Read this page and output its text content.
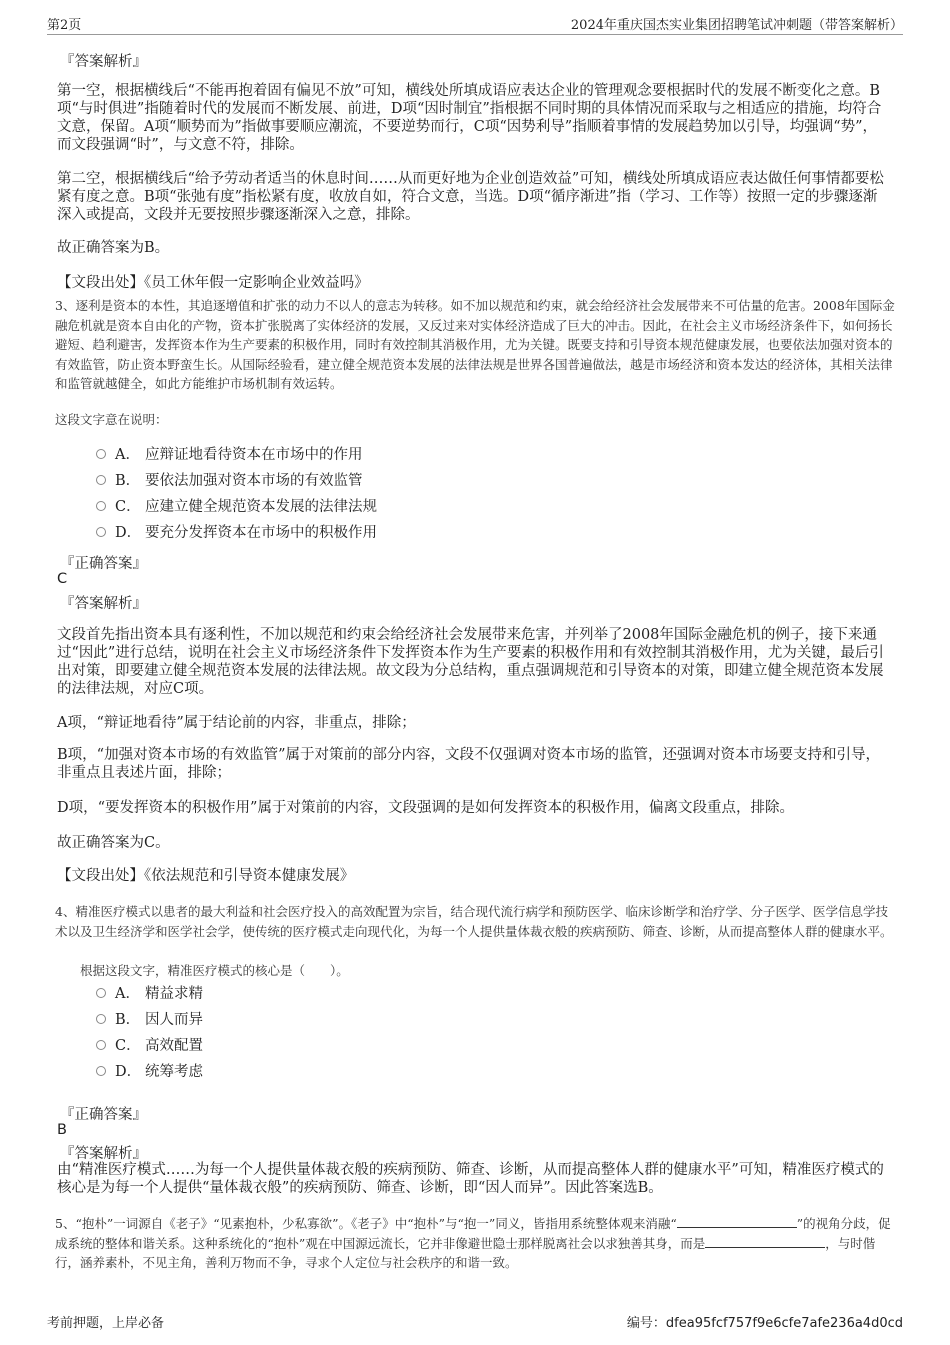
第2页	2024年重庆国杰实业集团招聘笔试冲刺题（带答案解析）
『答案解析』
第一空，根据横线后“不能再抱着固有偏见不放”可知，横线处所填成语应表达企业的管理观念要根据时代的发展不断变化之意。B项“与时俱进”指随着时代的发展而不断发展、前进，D项“因时制宜”指根据不同时期的具体情况而采取与之相适应的措施，均符合文意，保留。A项“顺势而为”指做事要顺应潮流，不要逆势而行，C项“因势利导”指顺着事情的发展趋势加以引导，均强调“势”，而文段强调“时”，与文意不符，排除。
第二空，根据横线后“给予劳动者适当的休息时间……从而更好地为企业创造效益”可知，横线处所填成语应表达做任何事情都要松紧有度之意。B项“张弛有度”指松紧有度，收放自如，符合文意，当选。D项“循序渐进”指（学习、工作等）按照一定的步骤逐渐深入或提高，文段并无要按照步骤逐渐深入之意，排除。
故正确答案为B。
【文段出处】《员工休年假一定影响企业效益吗》
3、逐利是资本的本性，其追逐增值和扩张的动力不以人的意志为转移。如不加以规范和约束，就会给经济社会发展带来不可估量的危害。2008年国际金融危机就是资本自由化的产物，资本扩张脱离了实体经济的发展，又反过来对实体经济造成了巨大的冲击。因此，在社会主义市场经济条件下，如何扬长避短、趋利避害，发挥资本作为生产要素的积极作用，同时有效控制其消极作用，尤为关键。既要支持和引导资本规范健康发展，也要依法加强对资本的有效监管，防止资本野蛮生长。从国际经验看，建立健全规范资本发展的法律法规是世界各国普遍做法，越是市场经济和资本发达的经济体，其相关法律和监管就越健全，如此方能维护市场机制有效运转。
这段文字意在说明：
A． 应辩证地看待资本在市场中的作用
B． 要依法加强对资本市场的有效监管
C． 应建立健全规范资本发展的法律法规
D． 要充分发挥资本在市场中的积极作用
『正确答案』
C
『答案解析』
文段首先指出资本具有逐利性，不加以规范和约束会给经济社会发展带来危害，并列举了2008年国际金融危机的例子，接下来通过“因此”进行总结，说明在社会主义市场经济条件下发挥资本作为生产要素的积极作用和有效控制其消极作用，尤为关键，最后引出对策，即要建立健全规范资本发展的法律法规。故文段为分总结构，重点强调规范和引导资本的对策，即建立健全规范资本发展的法律法规，对应C项。
A项，“辩证地看待”属于结论前的内容，非重点，排除；
B项，“加强对资本市场的有效监管”属于对策前的部分内容，文段不仅强调对资本市场的监管，还强调对资本市场要支持和引导，非重点且表述片面，排除；
D项，“要发挥资本的积极作用”属于对策前的内容，文段强调的是如何发挥资本的积极作用，偏离文段重点，排除。
故正确答案为C。
【文段出处】《依法规范和引导资本健康发展》
4、精准医疗模式以患者的最大利益和社会医疗投入的高效配置为宗旨，结合现代流行病学和预防医学、临床诊断学和治疗学、分子医学、医学信息学技术以及卫生经济学和医学社会学，使传统的医疗模式走向现代化，为每一个人提供量体裁衣般的疾病预防、筛查、诊断，从而提高整体人群的健康水平。
根据这段文字，精准医疗模式的核心是（　　）。
A． 精益求精
B． 因人而异
C． 高效配置
D． 统筹考虑
『正确答案』
B
『答案解析』
由“精准医疗模式……为每一个人提供量体裁衣般的疾病预防、筛查、诊断，从而提高整体人群的健康水平”可知，精准医疗模式的核心是为每一个人提供“量体裁衣般”的疾病预防、筛查、诊断，即“因人而异”。因此答案选B。
5、“抱朴”一词源自《老子》“见素抱朴，少私寡欲”。《老子》中“抱朴”与“抱一”同义，皆指用系统整体观来消融“	”的视角分歧，促成系统的整体和谐关系。这种系统化的“抱朴”观在中国源远流长，它并非像避世隐士那样脱离社会以求独善其身，而是	，与时偕行，涵养素朴，不见主角，善利万物而不争，寻求个人定位与社会秩序的和谐一致。
考前押题，上岸必备	编号：dfea95fcf757f9e6cfe7afe236a4d0cd
